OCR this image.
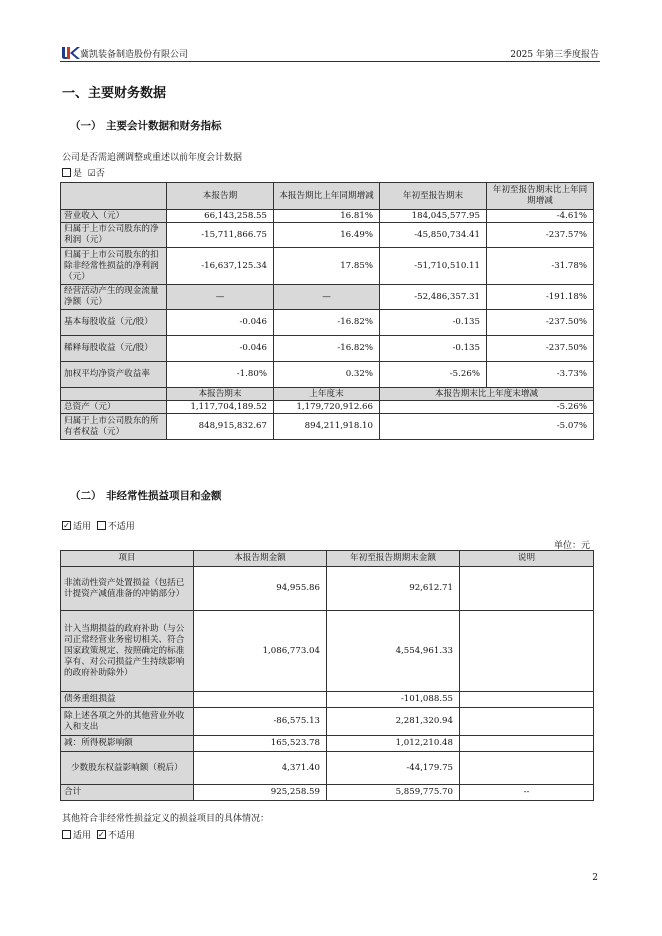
冀凯装备制造股份有限公司	2025 年第三季度报告
一、主要财务数据
（一） 主要会计数据和财务指标
公司是否需追溯调整或重述以前年度会计数据
是 ☑否
	本报告期	本报告期比上年同期增减	年初至报告期末	年初至报告期末比上年同期增减
营业收入（元）	66,143,258.55	16.81%	184,045,577.95	-4.61%
归属于上市公司股东的净利润（元）	-15,711,866.75	16.49%	-45,850,734.41	-237.57%
归属于上市公司股东的扣除非经常性损益的净利润（元）	-16,637,125.34	17.85%	-51,710,510.11	-31.78%
经营活动产生的现金流量净额（元）	—	—	-52,486,357.31	-191.18%
基本每股收益（元/股）	-0.046	-16.82%	-0.135	-237.50%
稀释每股收益（元/股）	-0.046	-16.82%	-0.135	-237.50%
加权平均净资产收益率	-1.80%	0.32%	-5.26%	-3.73%
	本报告期末	上年度末	本报告期末比上年度末增减	
总资产（元）	1,117,704,189.52	1,179,720,912.66	-5.26%	
归属于上市公司股东的所有者权益（元）	848,915,832.67	894,211,918.10	-5.07%	
（二） 非经常性损益项目和金额
✓ 适用 不适用
单位：元
项目	本报告期金额	年初至报告期期末金额	说明
非流动性资产处置损益（包括已计提资产减值准备的冲销部分）	94,955.86	92,612.71	
计入当期损益的政府补助（与公司正常经营业务密切相关、符合国家政策规定、按照确定的标准享有、对公司损益产生持续影响的政府补助除外）	1,086,773.04	4,554,961.33	
债务重组损益		-101,088.55	
除上述各项之外的其他营业外收入和支出	-86,575.13	2,281,320.94	
减：所得税影响额	165,523.78	1,012,210.48	
少数股东权益影响额（税后）	4,371.40	-44,179.75	
合计	925,258.59	5,859,775.70	--
其他符合非经常性损益定义的损益项目的具体情况：
适用 ✓ 不适用
2
